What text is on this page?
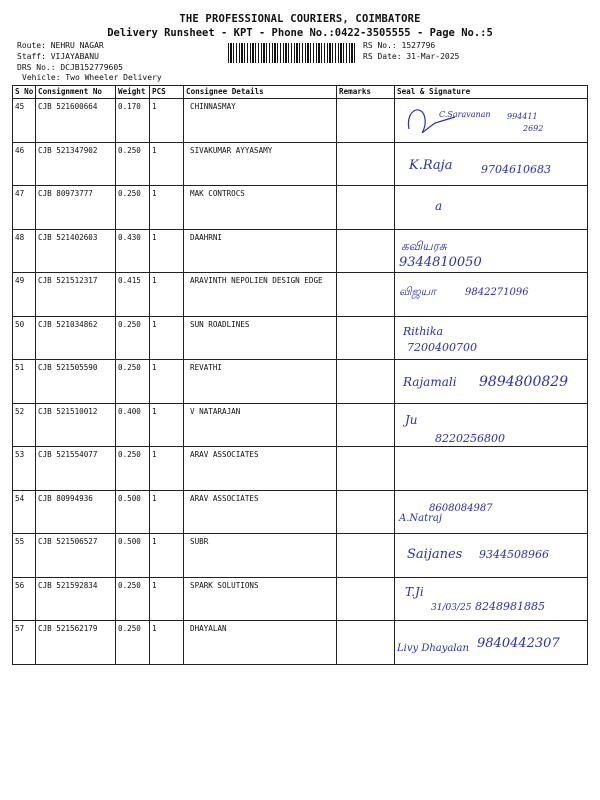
THE PROFESSIONAL COURIERS, COIMBATORE
Delivery Runsheet - KPT - Phone No.:0422-3505555 - Page No.:5
Route: NEHRU NAGAR
Staff: VIJAYABANU
DRS No.: DCJB152779605
Vehicle: Two Wheeler Delivery
RS No.: 1527796
RS Date: 31-Mar-2025
S No	Consignment No	Weight	PCS	Consignee Details	Remarks	Seal & Signature
45	CJB 521600664	0.170	1	CHINNASMAY		C.Saravanan 994411
2692

46	CJB 521347902	0.250	1	SIVAKUMAR AYYASAMY		K.Raja 9704610683

47	CJB 80973777	0.250	1	MAK CONTROCS		a

48	CJB 521402603	0.430	1	DAAHRNI		கவியரசு
9344810050

49	CJB 521512317	0.415	1	ARAVINTH NEPOLIEN DESIGN EDGE		விஜயா 9842271096

50	CJB 521034862	0.250	1	SUN ROADLINES		Rithika
7200400700

51	CJB 521505590	0.250	1	REVATHI		Rajamali 9894800829

52	CJB 521510012	0.400	1	V NATARAJAN		Ju
8220256800

53	CJB 521554077	0.250	1	ARAV ASSOCIATES		2

54	CJB 80994936	0.500	1	ARAV ASSOCIATES		A.Natraj
8608084987

55	CJB 521506527	0.500	1	SUBR		Saijanes 9344508966

56	CJB 521592834	0.250	1	SPARK SOLUTIONS		T.Ji
31/03/25 8248981885

57	CJB 521562179	0.250	1	DHAYALAN		Livy Dhayalan 9840442307
